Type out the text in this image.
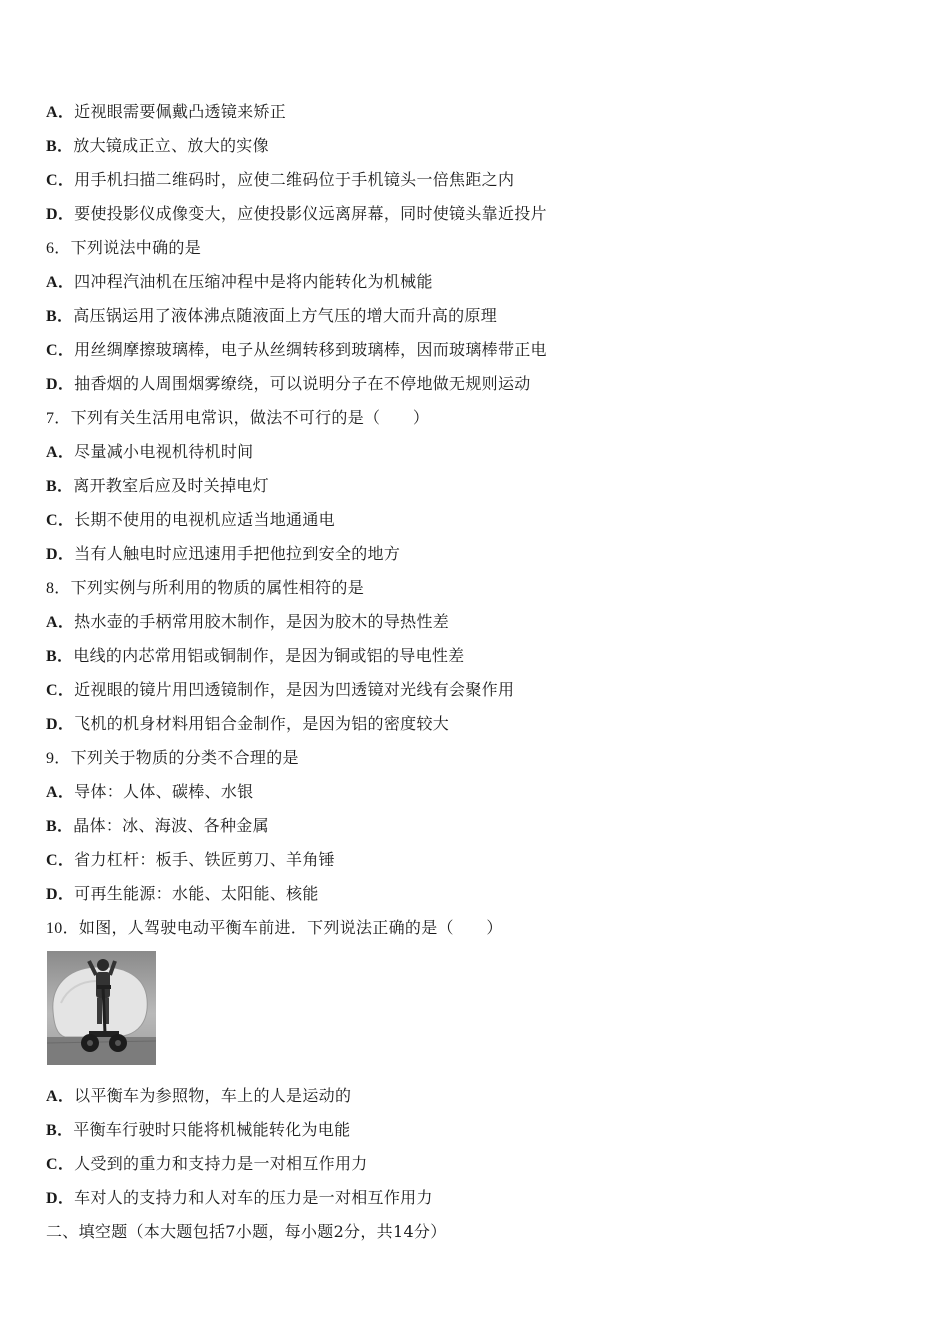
A．近视眼需要佩戴凸透镜来矫正
B．放大镜成正立、放大的实像
C．用手机扫描二维码时，应使二维码位于手机镜头一倍焦距之内
D．要使投影仪成像变大，应使投影仪远离屏幕，同时使镜头靠近投片
6．下列说法中确的是
A．四冲程汽油机在压缩冲程中是将内能转化为机械能
B．高压锅运用了液体沸点随液面上方气压的增大而升高的原理
C．用丝绸摩擦玻璃棒，电子从丝绸转移到玻璃棒，因而玻璃棒带正电
D．抽香烟的人周围烟雾缭绕，可以说明分子在不停地做无规则运动
7．下列有关生活用电常识，做法不可行的是（　　）
A．尽量减小电视机待机时间
B．离开教室后应及时关掉电灯
C．长期不使用的电视机应适当地通通电
D．当有人触电时应迅速用手把他拉到安全的地方
8．下列实例与所利用的物质的属性相符的是
A．热水壶的手柄常用胶木制作，是因为胶木的导热性差
B．电线的内芯常用铝或铜制作，是因为铜或铝的导电性差
C．近视眼的镜片用凹透镜制作，是因为凹透镜对光线有会聚作用
D．飞机的机身材料用铝合金制作，是因为铝的密度较大
9．下列关于物质的分类不合理的是
A．导体：人体、碳棒、水银
B．晶体：冰、海波、各种金属
C．省力杠杆：板手、铁匠剪刀、羊角锤
D．可再生能源：水能、太阳能、核能
10．如图，人驾驶电动平衡车前进．下列说法正确的是（　　）
A．以平衡车为参照物，车上的人是运动的
B．平衡车行驶时只能将机械能转化为电能
C．人受到的重力和支持力是一对相互作用力
D．车对人的支持力和人对车的压力是一对相互作用力
二、填空题（本大题包括7小题，每小题2分，共14分）
